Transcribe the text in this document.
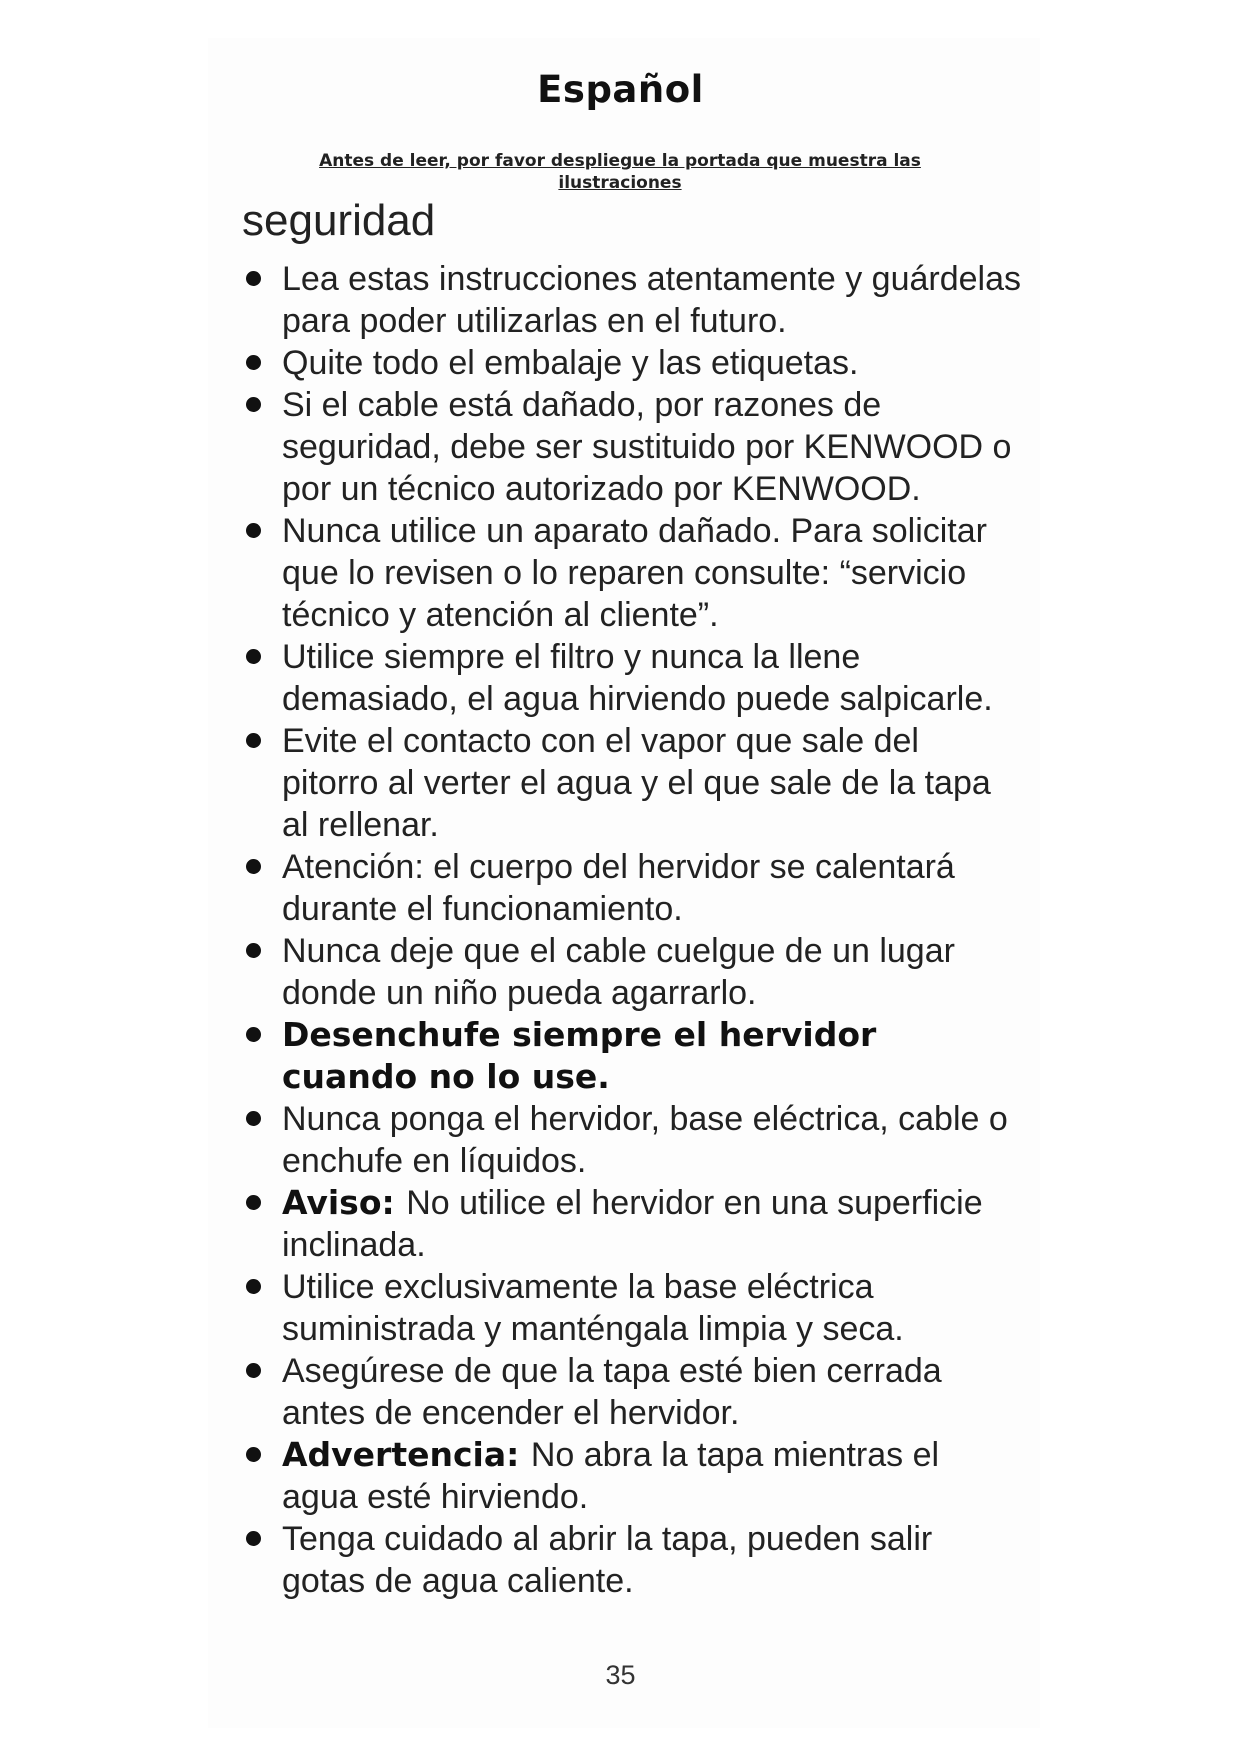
Español
Antes de leer, por favor despliegue la portada que muestra las
ilustraciones
seguridad
Lea estas instrucciones atentamente y guárdelas para poder utilizarlas en el futuro.
Quite todo el embalaje y las etiquetas.
Si el cable está dañado, por razones de seguridad, debe ser sustituido por KENWOOD o por un técnico autorizado por KENWOOD.
Nunca utilice un aparato dañado. Para solicitar que lo revisen o lo reparen consulte: “servicio técnico y atención al cliente”.
Utilice siempre el filtro y nunca la llene demasiado, el agua hirviendo puede salpicarle.
Evite el contacto con el vapor que sale del pitorro al verter el agua y el que sale de la tapa al rellenar.
Atención: el cuerpo del hervidor se calentará durante el funcionamiento.
Nunca deje que el cable cuelgue de un lugar donde un niño pueda agarrarlo.
Desenchufe siempre el hervidor cuando no lo use.
Nunca ponga el hervidor, base eléctrica, cable o enchufe en líquidos.
Aviso: No utilice el hervidor en una superficie inclinada.
Utilice exclusivamente la base eléctrica suministrada y manténgala limpia y seca.
Asegúrese de que la tapa esté bien cerrada antes de encender el hervidor.
Advertencia: No abra la tapa mientras el agua esté hirviendo.
Tenga cuidado al abrir la tapa, pueden salir gotas de agua caliente.
35
